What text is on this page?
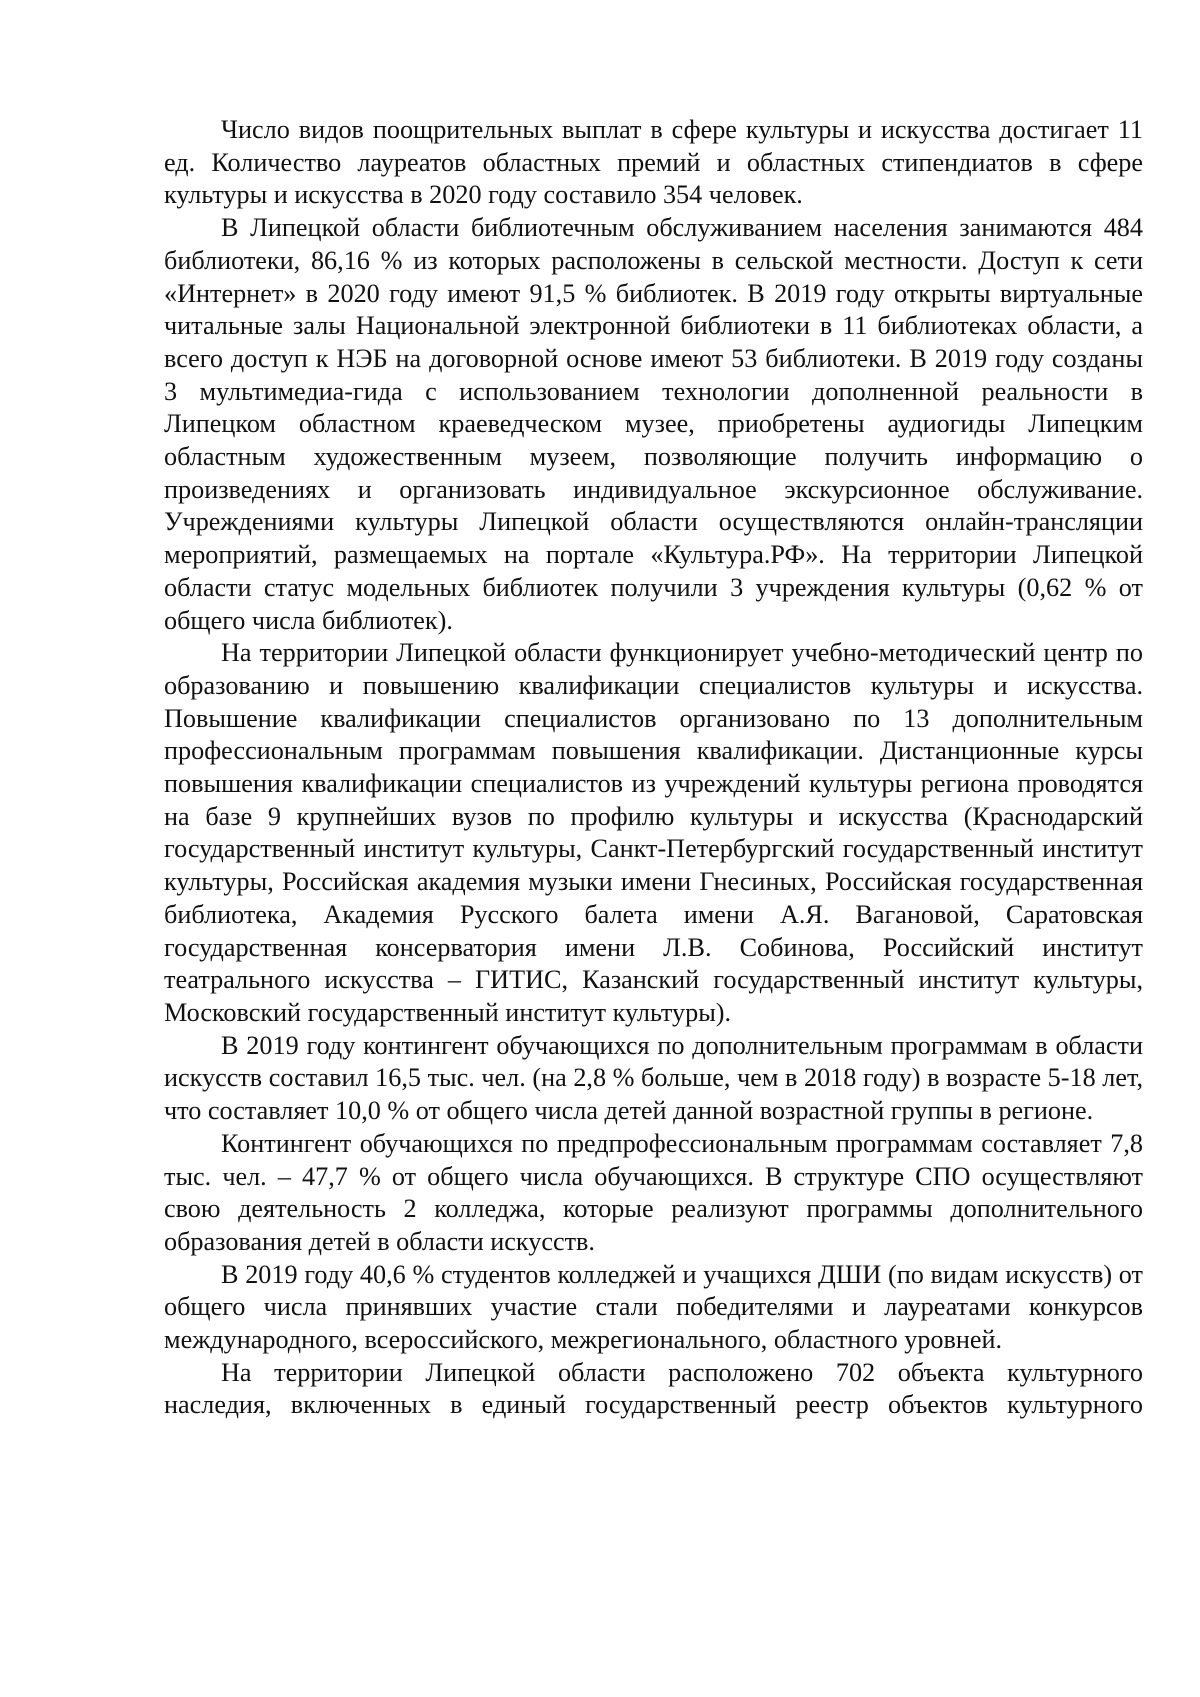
Число видов поощрительных выплат в сфере культуры и искусства достигает 11 ед. Количество лауреатов областных премий и областных стипендиатов в сфере культуры и искусства в 2020 году составило 354 человек.

В Липецкой области библиотечным обслуживанием населения занимаются 484 библиотеки, 86,16 % из которых расположены в сельской местности. Доступ к сети «Интернет» в 2020 году имеют 91,5 % библиотек. В 2019 году открыты виртуальные читальные залы Национальной электронной библиотеки в 11 библиотеках области, а всего доступ к НЭБ на договорной основе имеют 53 библиотеки. В 2019 году созданы 3 мультимедиа-гида с использованием технологии дополненной реальности в Липецком областном краеведческом музее, приобретены аудиогиды Липецким областным художественным музеем, позволяющие получить информацию о произведениях и организовать индивидуальное экскурсионное обслуживание. Учреждениями культуры Липецкой области осуществляются онлайн-трансляции мероприятий, размещаемых на портале «Культура.РФ». На территории Липецкой области статус модельных библиотек получили 3 учреждения культуры (0,62 % от общего числа библиотек).

На территории Липецкой области функционирует учебно-методический центр по образованию и повышению квалификации специалистов культуры и искусства. Повышение квалификации специалистов организовано по 13 дополнительным профессиональным программам повышения квалификации. Дистанционные курсы повышения квалификации специалистов из учреждений культуры региона проводятся на базе 9 крупнейших вузов по профилю культуры и искусства (Краснодарский государственный институт культуры, Санкт-Петербургский государственный институт культуры, Российская академия музыки имени Гнесиных, Российская государственная библиотека, Академия Русского балета имени А.Я. Вагановой, Саратовская государственная консерватория имени Л.В. Собинова, Российский институт театрального искусства – ГИТИС, Казанский государственный институт культуры, Московский государственный институт культуры).

В 2019 году контингент обучающихся по дополнительным программам в области искусств составил 16,5 тыс. чел. (на 2,8 % больше, чем в 2018 году) в возрасте 5-18 лет, что составляет 10,0 % от общего числа детей данной возрастной группы в регионе.

Контингент обучающихся по предпрофессиональным программам составляет 7,8 тыс. чел. – 47,7 % от общего числа обучающихся. В структуре СПО осуществляют свою деятельность 2 колледжа, которые реализуют программы дополнительного образования детей в области искусств.

В 2019 году 40,6 % студентов колледжей и учащихся ДШИ (по видам искусств) от общего числа принявших участие стали победителями и лауреатами конкурсов международного, всероссийского, межрегионального, областного уровней.

На территории Липецкой области расположено 702 объекта культурного наследия, включенных в единый государственный реестр объектов культурного
